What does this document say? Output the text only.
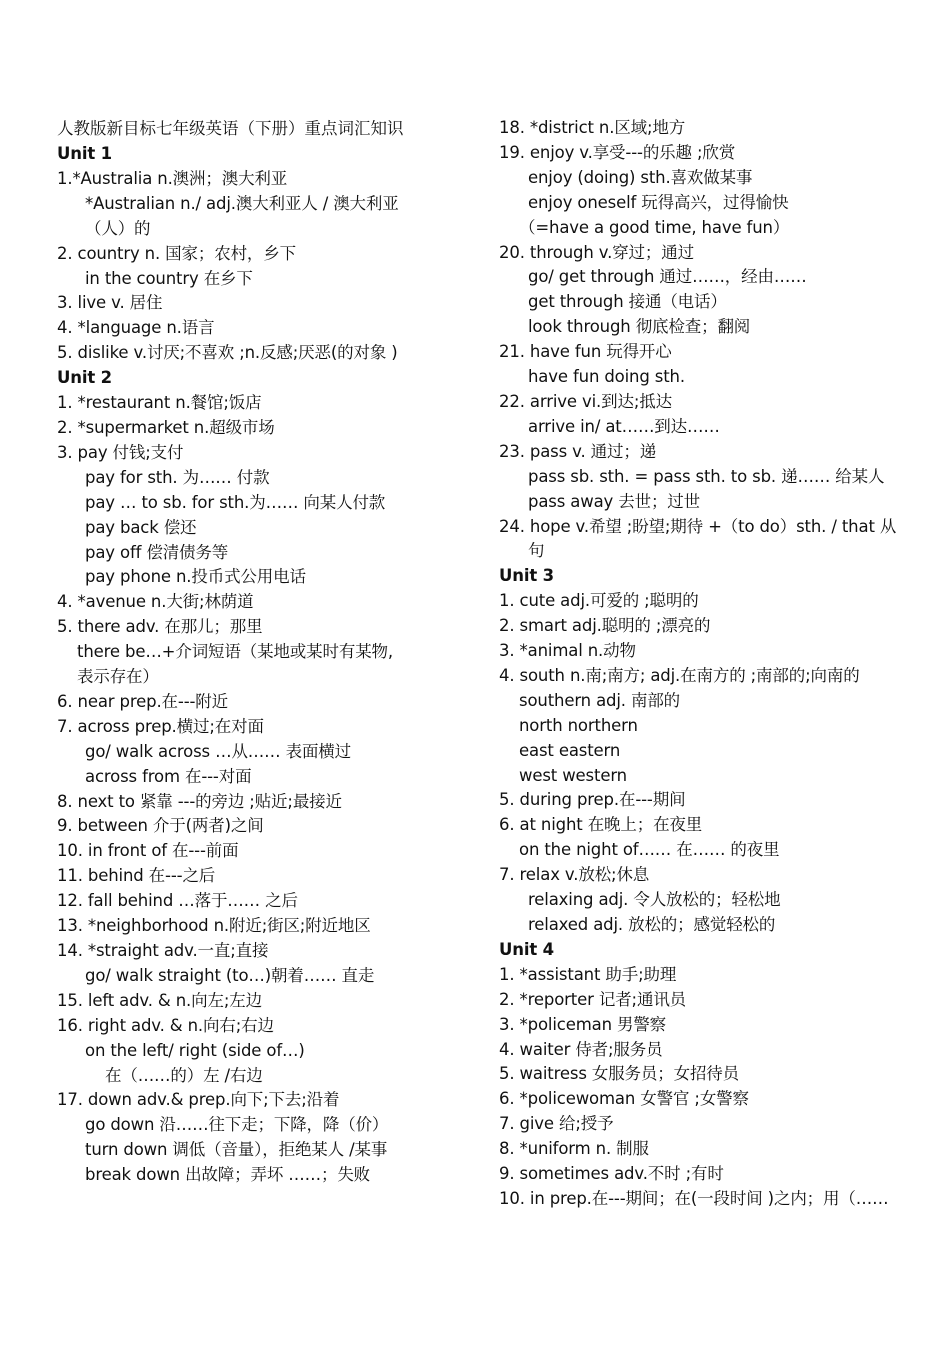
人教版新目标七年级英语（下册）重点词汇知识
Unit 1
1.*Australia n.澳洲；澳大利亚
*Australian n./ adj.澳大利亚人 / 澳大利亚
（人）的
2. country n. 国家；农村，乡下
in the country 在乡下
3. live v. 居住
4. *language n.语言
5. dislike v.讨厌;不喜欢 ;n.反感;厌恶(的对象 )
Unit 2
1. *restaurant n.餐馆;饭店
2. *supermarket n.超级市场
3. pay 付钱;支付
pay for sth. 为…… 付款
pay … to sb. for sth.为…… 向某人付款
pay back 偿还
pay off 偿清债务等
pay phone n.投币式公用电话
4. *avenue n.大街;林荫道
5. there adv. 在那儿；那里
there be…+介词短语（某地或某时有某物,
表示存在）
6. near prep.在---附近
7. across prep.横过;在对面
go/ walk across …从…… 表面横过
across from 在---对面
8. next to 紧靠 ---的旁边 ;贴近;最接近
9. between 介于(两者)之间
10. in front of 在---前面
11. behind 在---之后
12. fall behind …落于…… 之后
13. *neighborhood n.附近;街区;附近地区
14. *straight adv.一直;直接
go/ walk straight (to…)朝着…… 直走
15. left adv. & n.向左;左边
16. right adv. & n.向右;右边
on the left/ right (side of…)
在（……的）左 /右边
17. down adv.& prep.向下;下去;沿着
go down 沿……往下走；下降，降（价）
turn down 调低（音量），拒绝某人 /某事
break down 出故障；弄坏 ……；失败
18. *district n.区域;地方
19. enjoy v.享受---的乐趣 ;欣赏
enjoy (doing) sth.喜欢做某事
enjoy oneself 玩得高兴，过得愉快
（=have a good time, have fun）
20. through v.穿过；通过
go/ get through 通过……，经由……
get through 接通（电话）
look through 彻底检查；翻阅
21. have fun 玩得开心
have fun doing sth.
22. arrive vi.到达;抵达
arrive in/ at……到达……
23. pass v. 通过；递
pass sb. sth. = pass sth. to sb. 递…… 给某人
pass away 去世；过世
24. hope v.希望 ;盼望;期待 +（to do）sth. / that 从
句
Unit 3
1. cute adj.可爱的 ;聪明的
2. smart adj.聪明的 ;漂亮的
3. *animal n.动物
4. south n.南;南方; adj.在南方的 ;南部的;向南的
southern adj. 南部的
north northern
east eastern
west western
5. during prep.在---期间
6. at night 在晚上；在夜里
on the night of…… 在…… 的夜里
7. relax v.放松;休息
relaxing adj. 令人放松的；轻松地
relaxed adj. 放松的；感觉轻松的
Unit 4
1. *assistant 助手;助理
2. *reporter 记者;通讯员
3. *policeman 男警察
4. waiter 侍者;服务员
5. waitress 女服务员；女招待员
6. *policewoman 女警官 ;女警察
7. give 给;授予
8. *uniform n. 制服
9. sometimes adv.不时 ;有时
10. in prep.在---期间；在(一段时间 )之内；用（……
